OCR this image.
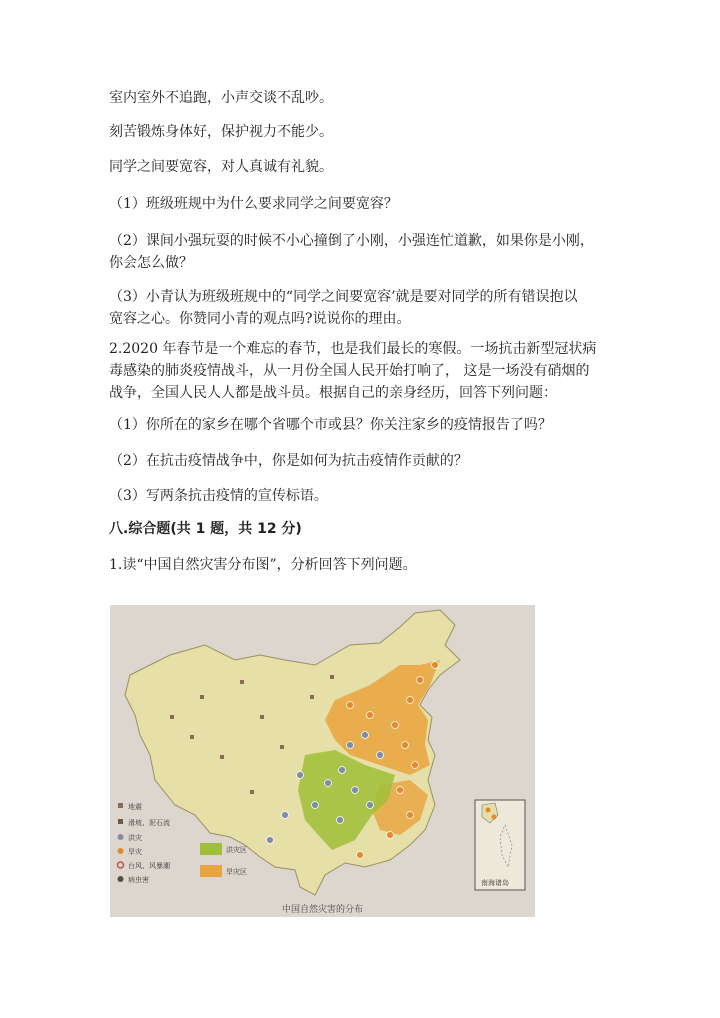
室内室外不追跑，小声交谈不乱吵。
刻苦锻炼身体好，保护视力不能少。
同学之间要宽容，对人真诚有礼貌。
（1）班级班规中为什么要求同学之间要宽容？
（2）课间小强玩耍的时候不小心撞倒了小刚，小强连忙道歉，如果你是小刚，
你会怎么做？
（3）小青认为班级班规中的“同学之间要宽容’就是要对同学的所有错误抱以
宽容之心。你赞同小青的观点吗?说说你的理由。
2.2020 年春节是一个难忘的春节，也是我们最长的寒假。一场抗击新型冠状病
毒感染的肺炎疫情战斗，从一月份全国人民开始打响了， 这是一场没有硝烟的
战争，全国人民人人都是战斗员。根据自己的亲身经历，回答下列问题：
（1）你所在的家乡在哪个省哪个市或县？你关注家乡的疫情报告了吗？
（2）在抗击疫情战争中，你是如何为抗击疫情作贡献的？
（3）写两条抗击疫情的宣传标语。
八.综合题(共 1 题，共 12 分)
1.读“中国自然灾害分布图”，分析回答下列问题。
地震
滑坡、泥石流
洪灾
旱灾
台风、风暴潮
病虫害
洪灾区
旱灾区
南海诸岛
中国自然灾害的分布
